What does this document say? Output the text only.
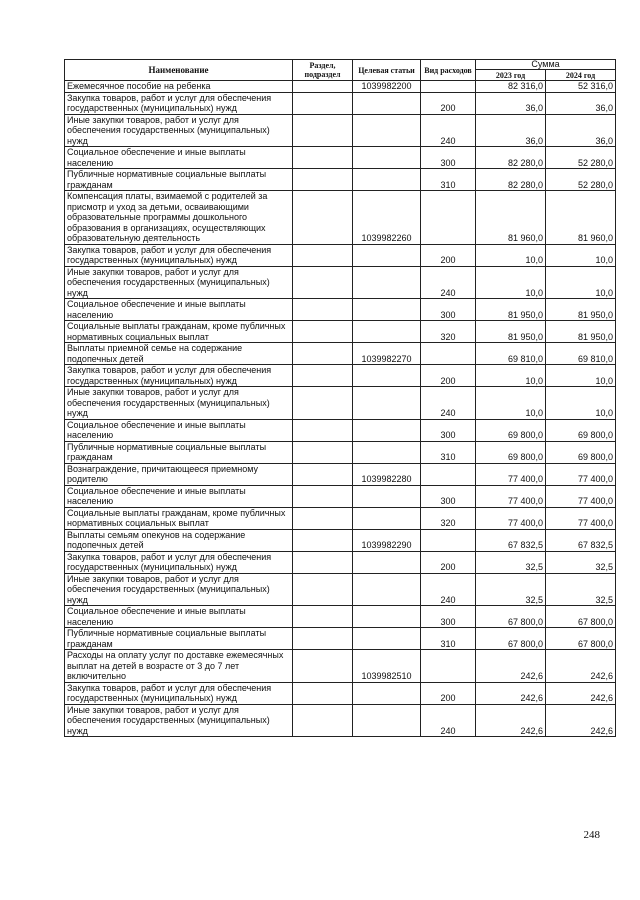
Наименование	Раздел, подраздел	Целевая статьи	Вид расходов	Сумма	
				2023 год	2024 год
Ежемесячное пособие на ребенка		1039982200		82 316,0	52 316,0
Закупка товаров, работ и услуг для обеспечения государственных (муниципальных) нужд			200	36,0	36,0
Иные закупки товаров, работ и услуг для обеспечения государственных (муниципальных) нужд			240	36,0	36,0
Социальное обеспечение и иные выплаты населению			300	82 280,0	52 280,0
Публичные нормативные социальные выплаты гражданам			310	82 280,0	52 280,0
Компенсация платы, взимаемой с родителей за присмотр и уход за детьми, осваивающими образовательные программы дошкольного образования в организациях, осуществляющих образовательную деятельность		1039982260		81 960,0	81 960,0
Закупка товаров, работ и услуг для обеспечения государственных (муниципальных) нужд			200	10,0	10,0
Иные закупки товаров, работ и услуг для обеспечения государственных (муниципальных) нужд			240	10,0	10,0
Социальное обеспечение и иные выплаты населению			300	81 950,0	81 950,0
Социальные выплаты гражданам, кроме публичных нормативных социальных выплат			320	81 950,0	81 950,0
Выплаты приемной семье на содержание подопечных детей		1039982270		69 810,0	69 810,0
Закупка товаров, работ и услуг для обеспечения государственных (муниципальных) нужд			200	10,0	10,0
Иные закупки товаров, работ и услуг для обеспечения государственных (муниципальных) нужд			240	10,0	10,0
Социальное обеспечение и иные выплаты населению			300	69 800,0	69 800,0
Публичные нормативные социальные выплаты гражданам			310	69 800,0	69 800,0
Вознаграждение, причитающееся приемному родителю		1039982280		77 400,0	77 400,0
Социальное обеспечение и иные выплаты населению			300	77 400,0	77 400,0
Социальные выплаты гражданам, кроме публичных нормативных социальных выплат			320	77 400,0	77 400,0
Выплаты семьям опекунов на содержание подопечных детей		1039982290		67 832,5	67 832,5
Закупка товаров, работ и услуг для обеспечения государственных (муниципальных) нужд			200	32,5	32,5
Иные закупки товаров, работ и услуг для обеспечения государственных (муниципальных) нужд			240	32,5	32,5
Социальное обеспечение и иные выплаты населению			300	67 800,0	67 800,0
Публичные нормативные социальные выплаты гражданам			310	67 800,0	67 800,0
Расходы на оплату услуг по доставке ежемесячных выплат на детей в возрасте от 3 до 7 лет включительно		1039982510		242,6	242,6
Закупка товаров, работ и услуг для обеспечения государственных (муниципальных) нужд			200	242,6	242,6
Иные закупки товаров, работ и услуг для обеспечения государственных (муниципальных) нужд			240	242,6	242,6
248
